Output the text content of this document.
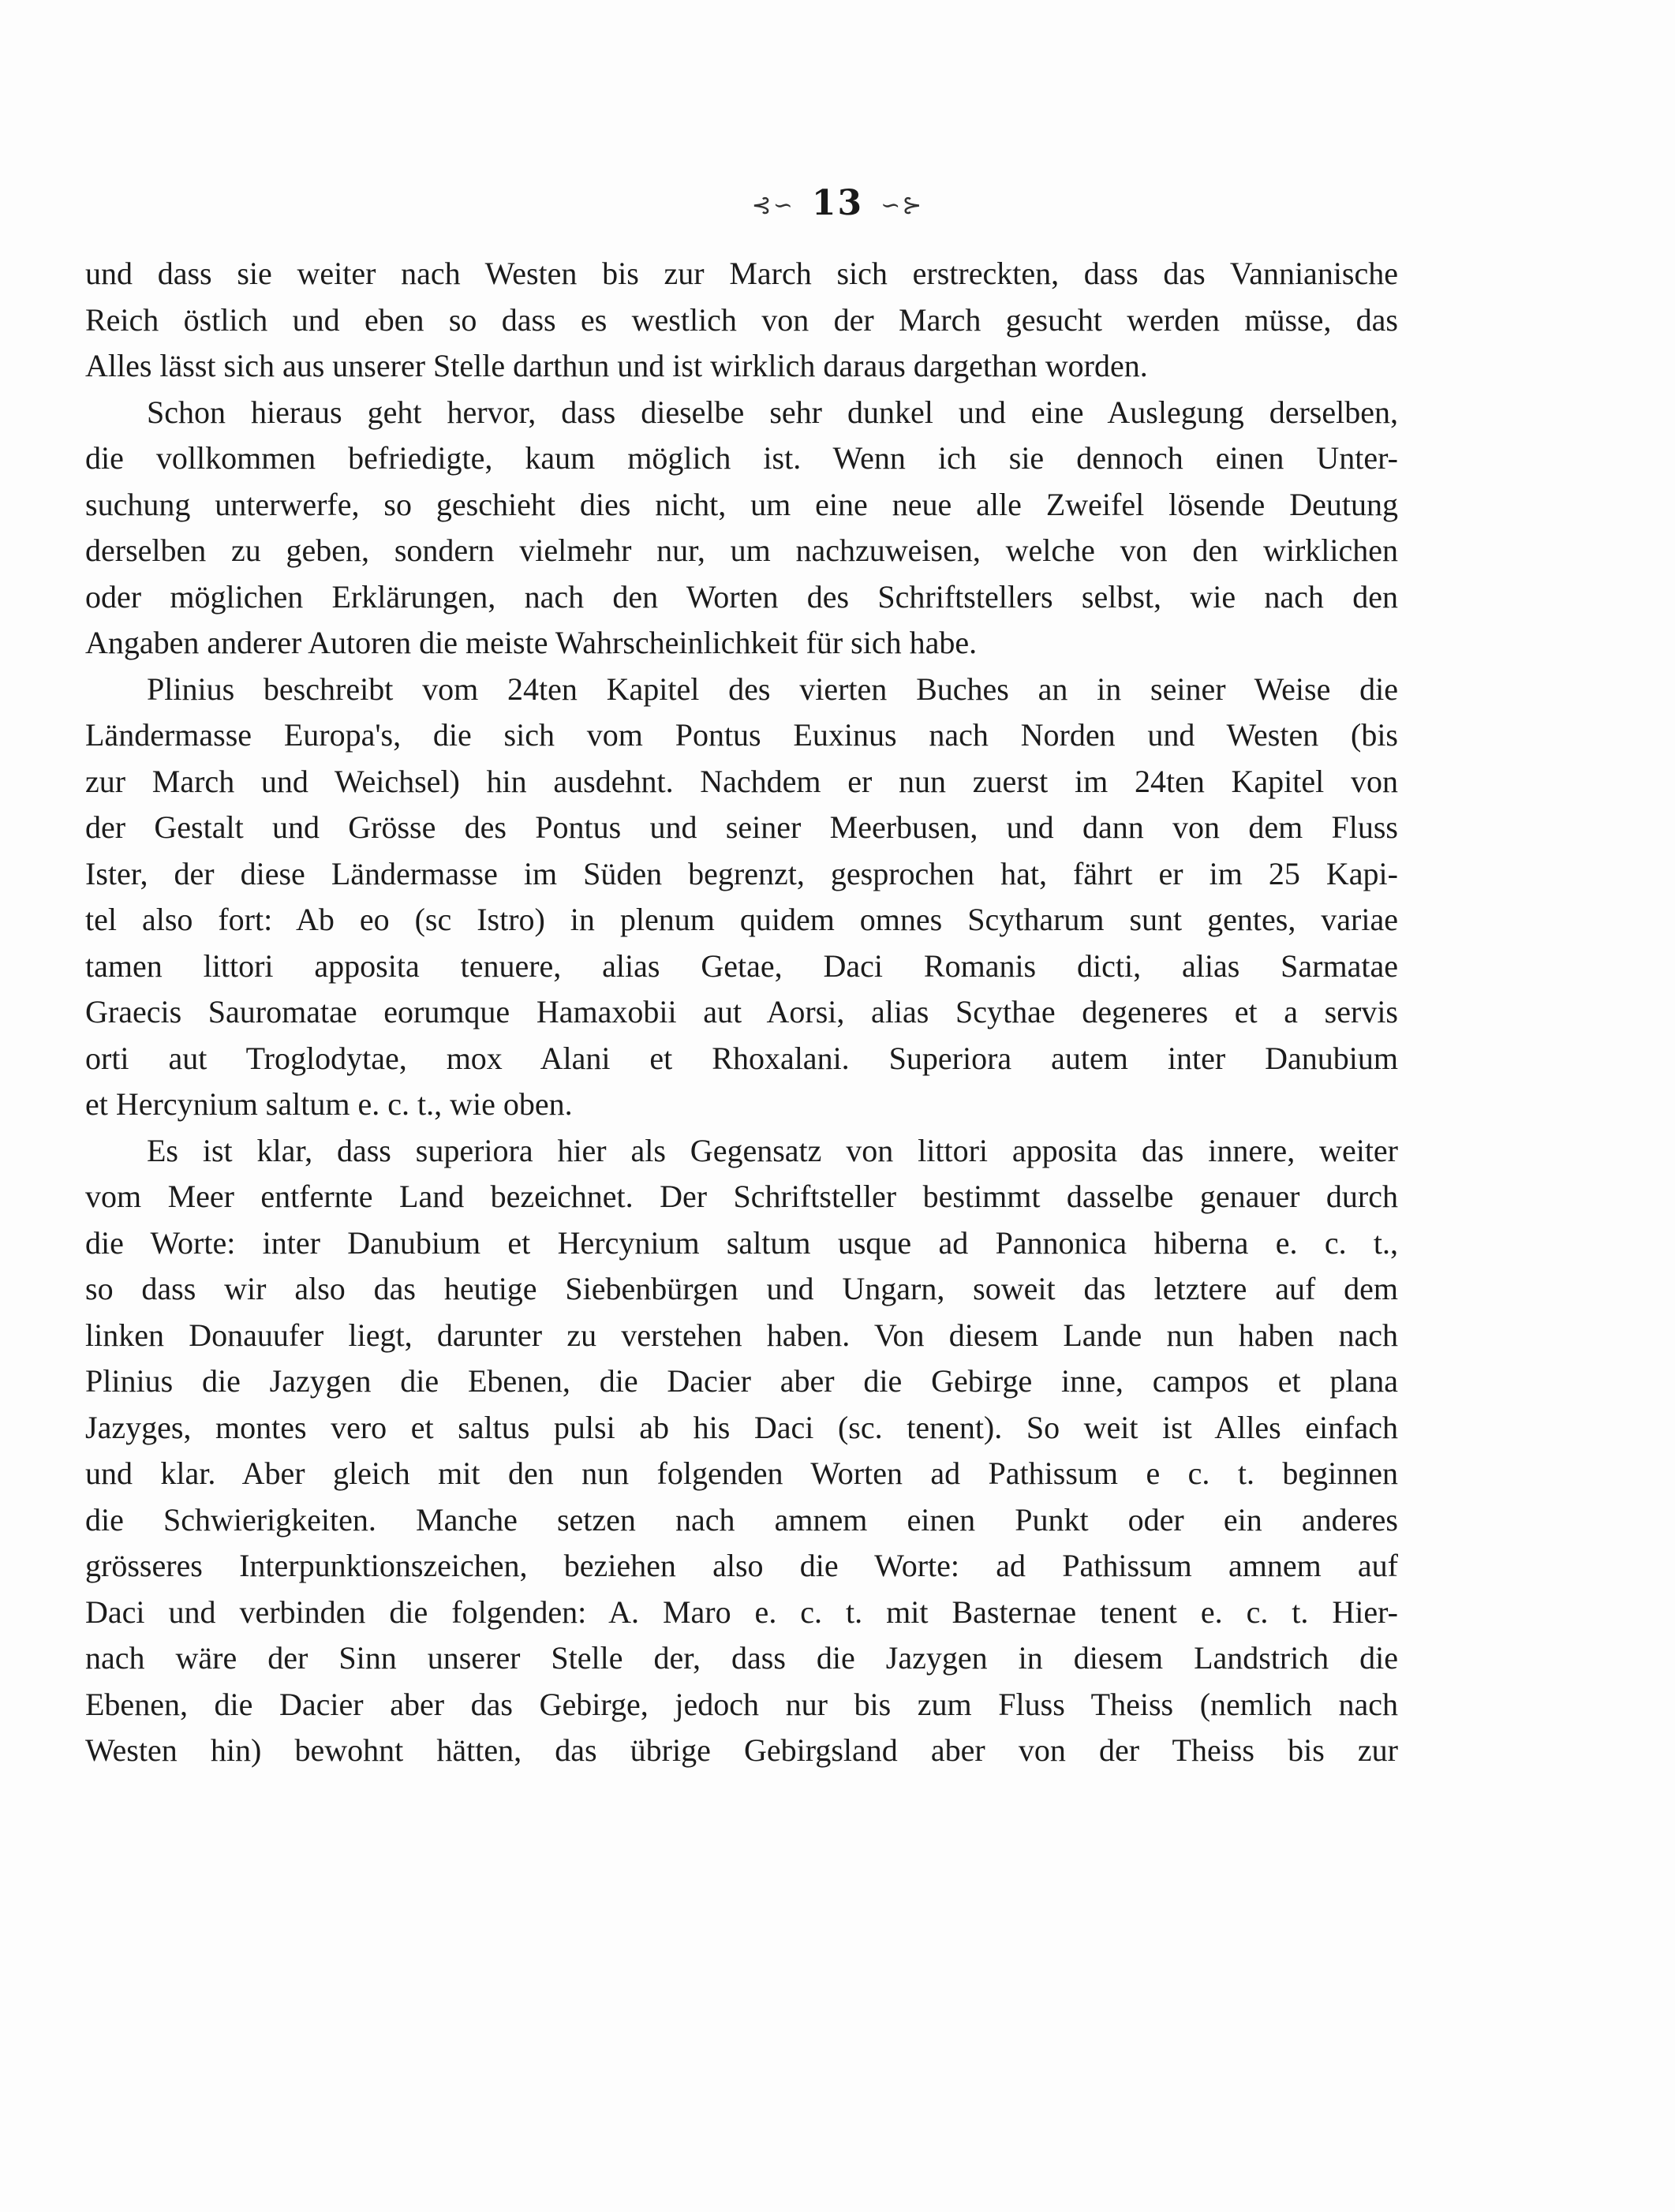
⊰∽ 13 ∽⊱
und dass sie weiter nach Westen bis zur March sich erstreckten, dass das Vannianische
Reich östlich und eben so dass es westlich von der March gesucht werden müsse, das
Alles lässt sich aus unserer Stelle darthun und ist wirklich daraus dargethan worden.
Schon hieraus geht hervor, dass dieselbe sehr dunkel und eine Auslegung derselben,
die vollkommen befriedigte, kaum möglich ist. Wenn ich sie dennoch einen Unter-
suchung unterwerfe, so geschieht dies nicht, um eine neue alle Zweifel lösende Deutung
derselben zu geben, sondern vielmehr nur, um nachzuweisen, welche von den wirklichen
oder möglichen Erklärungen, nach den Worten des Schriftstellers selbst, wie nach den
Angaben anderer Autoren die meiste Wahrscheinlichkeit für sich habe.
Plinius beschreibt vom 24ten Kapitel des vierten Buches an in seiner Weise die
Ländermasse Europa's, die sich vom Pontus Euxinus nach Norden und Westen (bis
zur March und Weichsel) hin ausdehnt. Nachdem er nun zuerst im 24ten Kapitel von
der Gestalt und Grösse des Pontus und seiner Meerbusen, und dann von dem Fluss
Ister, der diese Ländermasse im Süden begrenzt, gesprochen hat, fährt er im 25 Kapi-
tel also fort: Ab eo (sc Istro) in plenum quidem omnes Scytharum sunt gentes, variae
tamen littori apposita tenuere, alias Getae, Daci Romanis dicti, alias Sarmatae
Graecis Sauromatae eorumque Hamaxobii aut Aorsi, alias Scythae degeneres et a servis
orti aut Troglodytae, mox Alani et Rhoxalani. Superiora autem inter Danubium
et Hercynium saltum e. c. t., wie oben.
Es ist klar, dass superiora hier als Gegensatz von littori apposita das innere, weiter
vom Meer entfernte Land bezeichnet. Der Schriftsteller bestimmt dasselbe genauer durch
die Worte: inter Danubium et Hercynium saltum usque ad Pannonica hiberna e. c. t.,
so dass wir also das heutige Siebenbürgen und Ungarn, soweit das letztere auf dem
linken Donauufer liegt, darunter zu verstehen haben. Von diesem Lande nun haben nach
Plinius die Jazygen die Ebenen, die Dacier aber die Gebirge inne, campos et plana
Jazyges, montes vero et saltus pulsi ab his Daci (sc. tenent). So weit ist Alles einfach
und klar. Aber gleich mit den nun folgenden Worten ad Pathissum e c. t. beginnen
die Schwierigkeiten. Manche setzen nach amnem einen Punkt oder ein anderes
grösseres Interpunktionszeichen, beziehen also die Worte: ad Pathissum amnem auf
Daci und verbinden die folgenden: A. Maro e. c. t. mit Basternae tenent e. c. t. Hier-
nach wäre der Sinn unserer Stelle der, dass die Jazygen in diesem Landstrich die
Ebenen, die Dacier aber das Gebirge, jedoch nur bis zum Fluss Theiss (nemlich nach
Westen hin) bewohnt hätten, das übrige Gebirgsland aber von der Theiss bis zur
